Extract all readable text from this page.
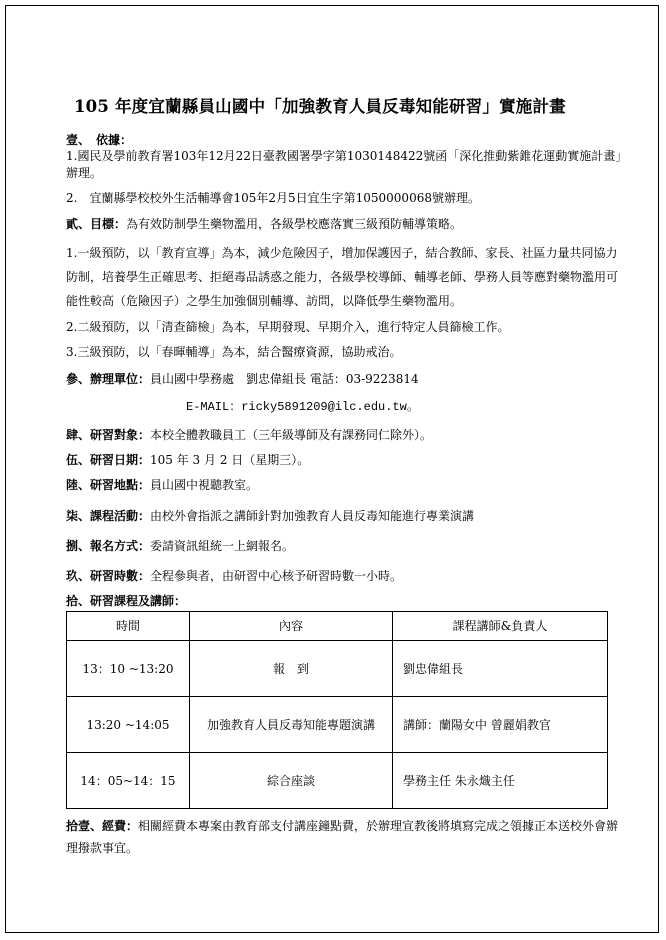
105 年度宜蘭縣員山國中「加強教育人員反毒知能研習」實施計畫
壹、　依據：
1.國民及學前教育署103年12月22日臺教國署學字第1030148422號函「深化推動紫錐花運動實施計畫」辦理。
2.　宜蘭縣學校校外生活輔導會105年2月5日宜生字第1050000068號辦理。
貳、目標：為有效防制學生藥物濫用，各級學校應落實三級預防輔導策略。
1.一級預防，以「教育宣導」為本，減少危險因子，增加保護因子，結合教師、家長、社區力量共同協力防制，培養學生正確思考、拒絕毒品誘惑之能力，各級學校導師、輔導老師、學務人員等應對藥物濫用可能性較高（危險因子）之學生加強個別輔導、訪問，以降低學生藥物濫用。
2.二級預防，以「清查篩檢」為本，早期發現、早期介入，進行特定人員篩檢工作。
3.三級預防，以「春暉輔導」為本，結合醫療資源，協助戒治。
參、辦理單位：員山國中學務處　劉忠偉組長 電話：03-9223814
E-MAIL：ricky5891209@ilc.edu.tw。
肆、研習對象：本校全體教職員工（三年級導師及有課務同仁除外）。
伍、研習日期：105 年 3 月 2 日（星期三）。
陸、研習地點：員山國中視聽教室。
柒、課程活動：由校外會指派之講師針對加強教育人員反毒知能進行專業演講
捌、報名方式：委請資訊組統一上網報名。
玖、研習時數：全程參與者，由研習中心核予研習時數一小時。
拾、研習課程及講師：
時間	內容	課程講師&負責人
13：10 ~13:20	報　到	劉忠偉組長
13:20 ~14:05	加強教育人員反毒知能專題演講	講師：蘭陽女中 曾麗娟教官
14：05~14：15	綜合座談	學務主任 朱永熾主任
拾壹、經費：相關經費本專案由教育部支付講座鐘點費，於辦理宣教後將填寫完成之領據正本送校外會辦理撥款事宜。
